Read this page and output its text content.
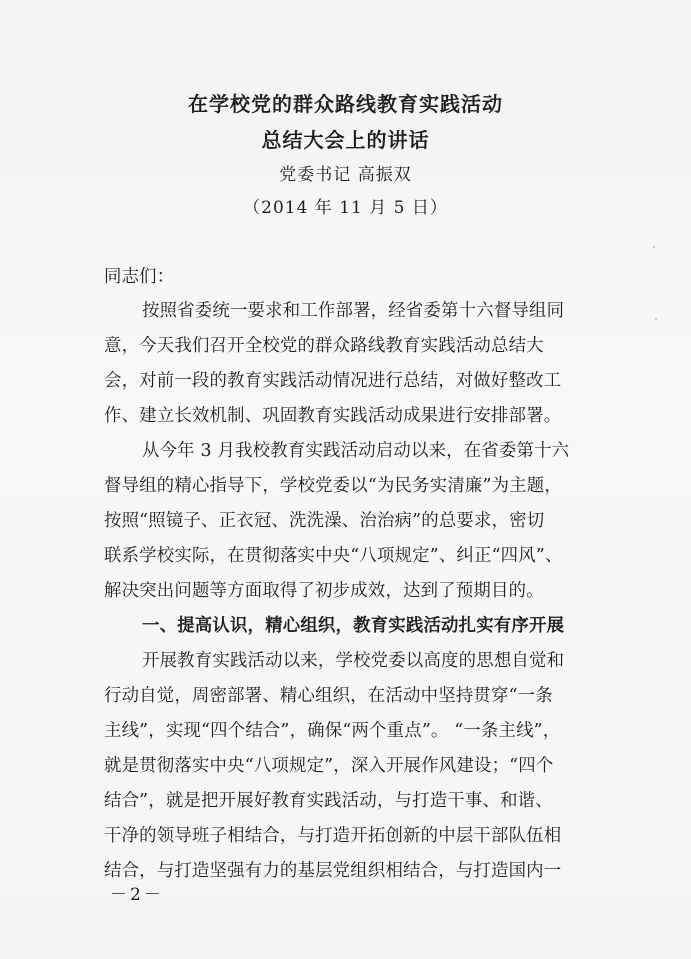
在学校党的群众路线教育实践活动
总结大会上的讲话
党委书记 高振双
（2014 年 11 月 5 日）
同志们：
按照省委统一要求和工作部署，经省委第十六督导组同
意，今天我们召开全校党的群众路线教育实践活动总结大
会，对前一段的教育实践活动情况进行总结，对做好整改工
作、建立长效机制、巩固教育实践活动成果进行安排部署。
从今年 3 月我校教育实践活动启动以来，在省委第十六
督导组的精心指导下，学校党委以“为民务实清廉”为主题，
按照“照镜子、正衣冠、洗洗澡、治治病”的总要求，密切
联系学校实际，在贯彻落实中央“八项规定”、纠正“四风”、
解决突出问题等方面取得了初步成效，达到了预期目的。
一、提高认识，精心组织，教育实践活动扎实有序开展
开展教育实践活动以来，学校党委以高度的思想自觉和
行动自觉，周密部署、精心组织，在活动中坚持贯穿“一条
主线”，实现“四个结合”，确保“两个重点”。 “一条主线”，
就是贯彻落实中央“八项规定”，深入开展作风建设；“四个
结合”，就是把开展好教育实践活动，与打造干事、和谐、
干净的领导班子相结合，与打造开拓创新的中层干部队伍相
结合，与打造坚强有力的基层党组织相结合，与打造国内一
－2－
